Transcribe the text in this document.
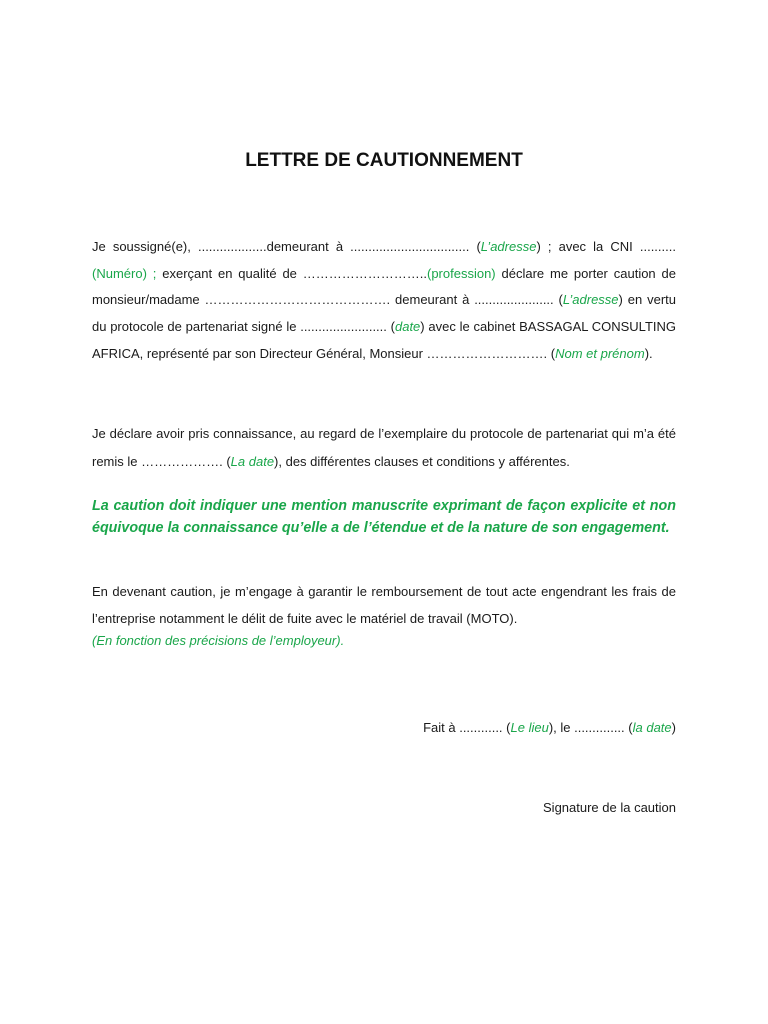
LETTRE DE CAUTIONNEMENT
Je soussigné(e), ...................demeurant à ................................. (L’adresse) ; avec la CNI .......... (Numéro) ; exerçant en qualité de ………………………..(profession) déclare me porter caution de monsieur/madame ……………………………………. demeurant à ...................... (L’adresse) en vertu du protocole de partenariat signé le ........................ (date) avec le cabinet BASSAGAL CONSULTING AFRICA, représenté par son Directeur Général, Monsieur ………………………. (Nom et prénom).
Je déclare avoir pris connaissance, au regard de l’exemplaire du protocole de partenariat qui m’a été remis le ………………. (La date), des différentes clauses et conditions y afférentes.
La caution doit indiquer une mention manuscrite exprimant de façon explicite et non équivoque la connaissance qu’elle a de l’étendue et de la nature de son engagement.
En devenant caution, je m’engage à garantir le remboursement de tout acte engendrant les frais de l’entreprise notamment le délit de fuite avec le matériel de travail (MOTO).
(En fonction des précisions de l’employeur).
Fait à ............ (Le lieu), le .............. (la date)
Signature de la caution
